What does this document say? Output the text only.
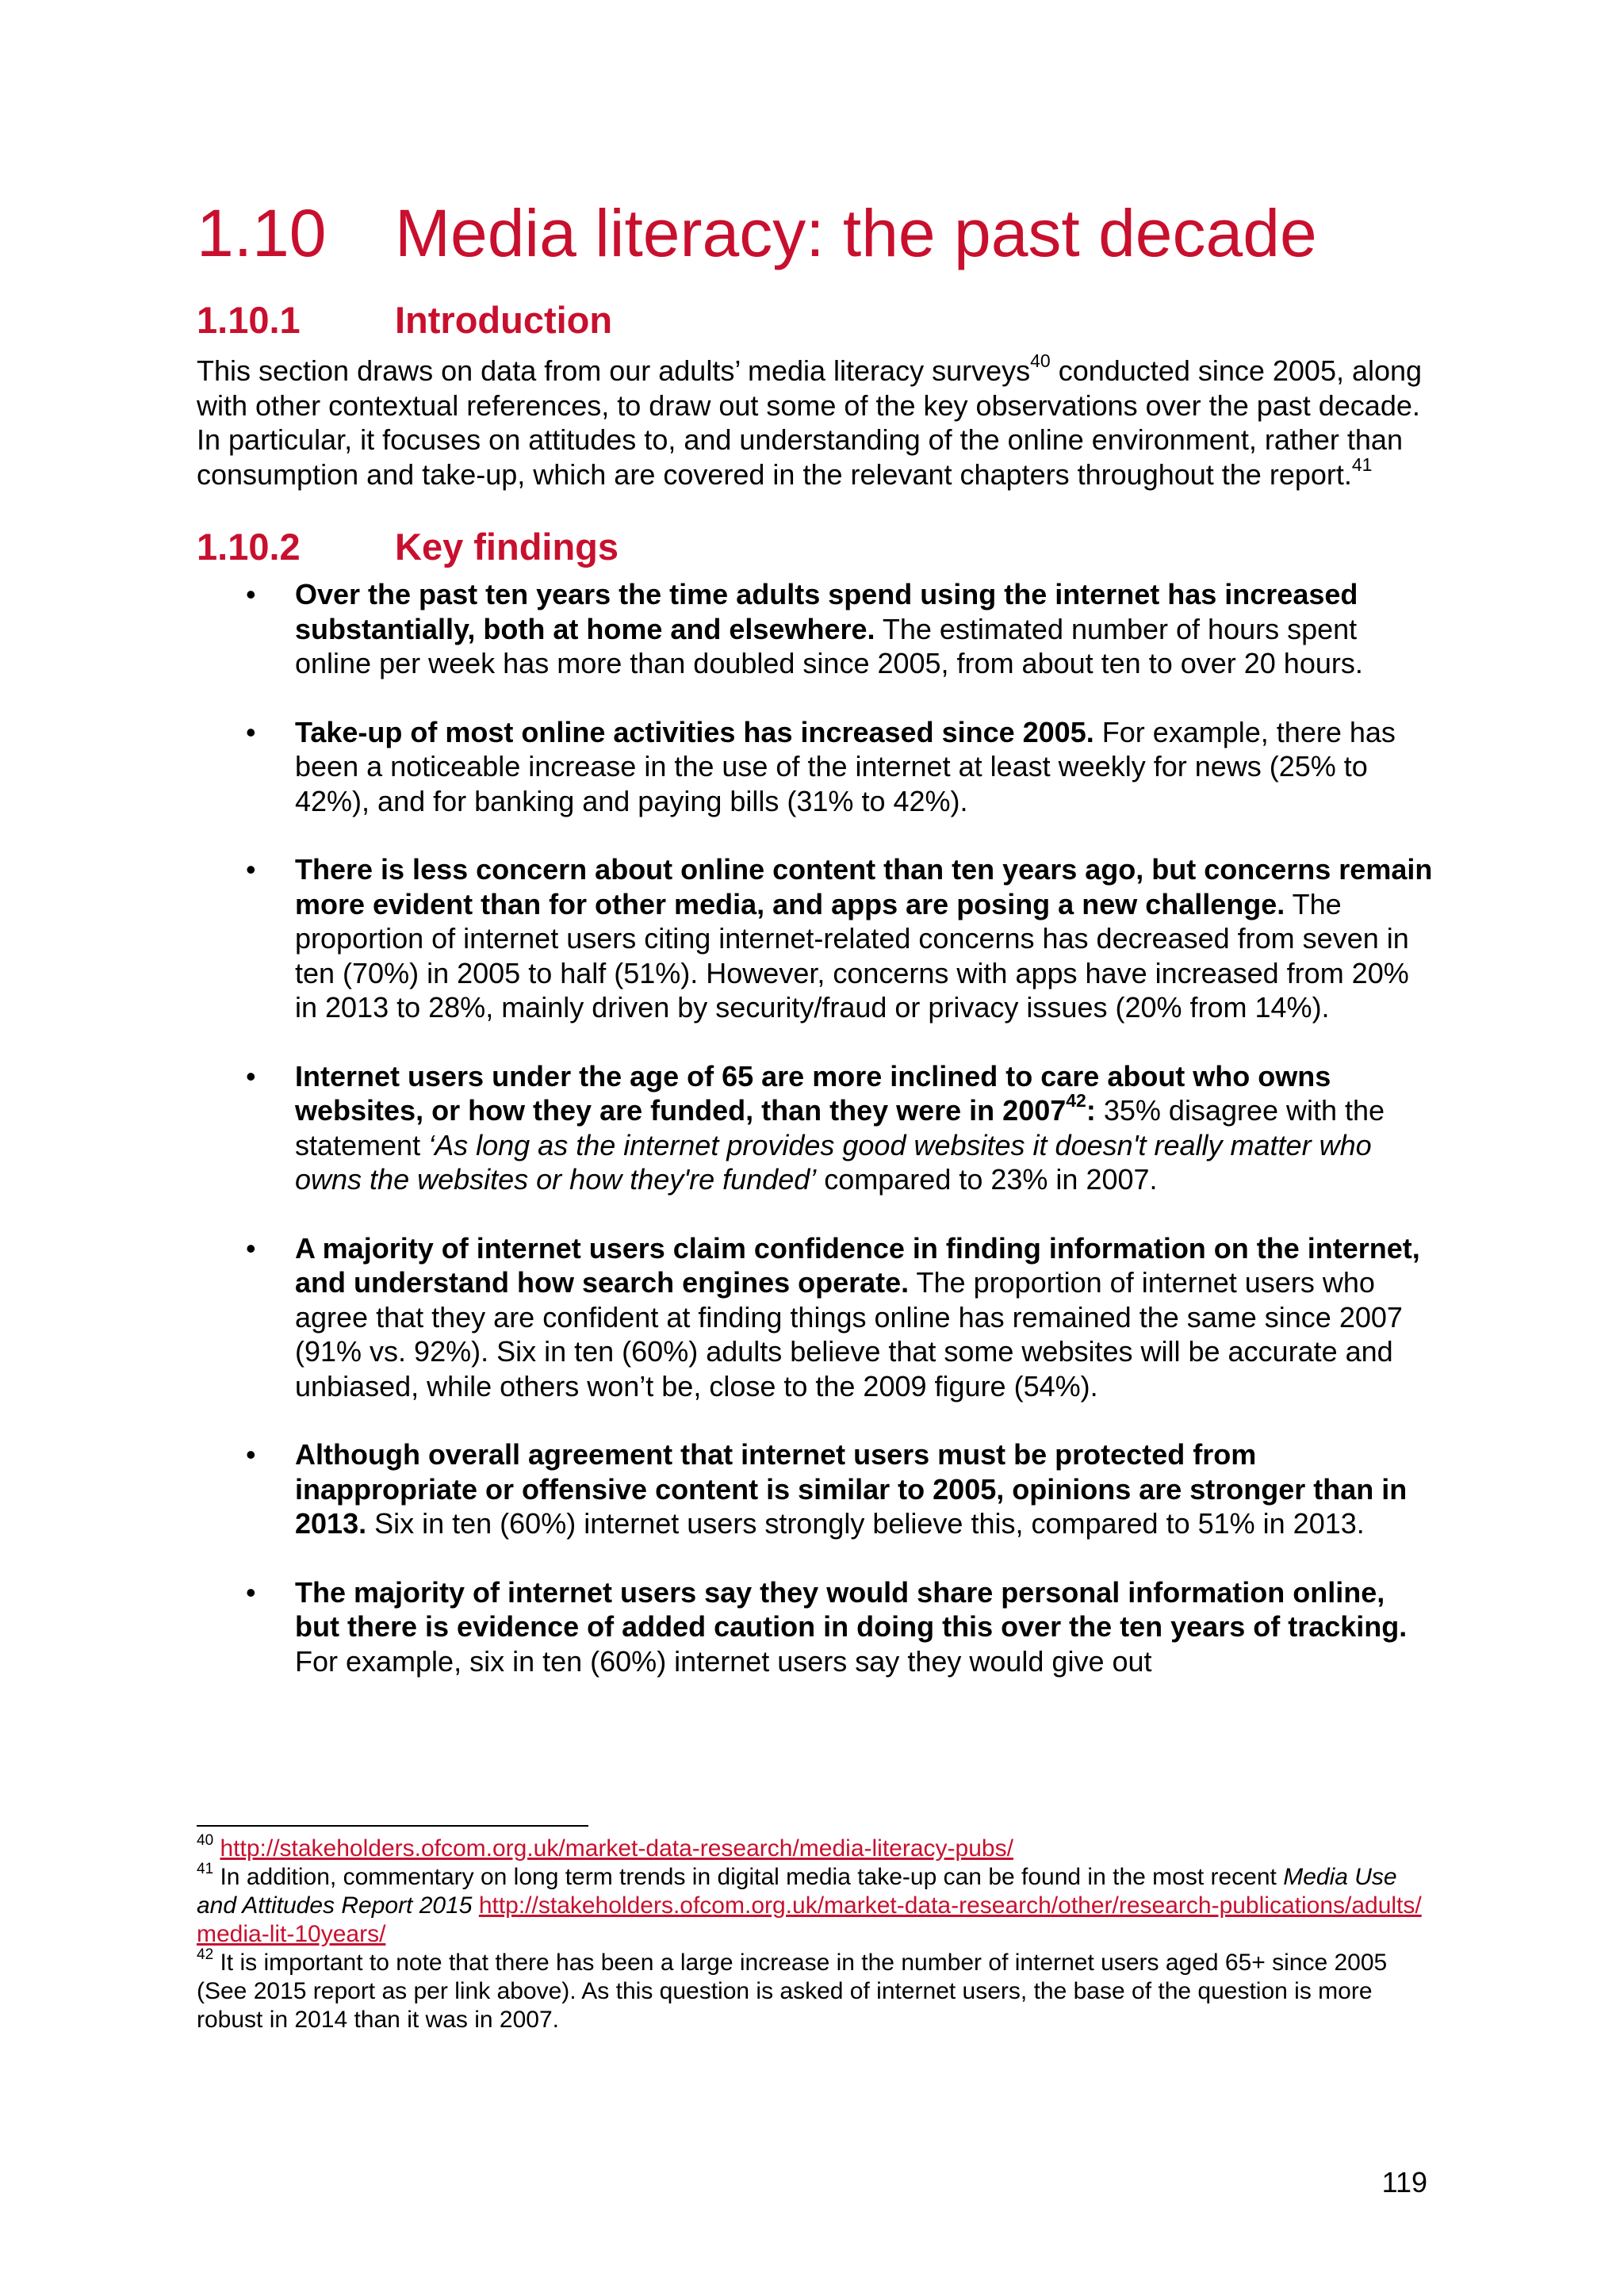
1.10	Media literacy: the past decade
1.10.1	Introduction

This section draws on data from our adults’ media literacy surveys$^{40}$ conducted since 2005, along with other contextual references, to draw out some of the key observations over the past decade. In particular, it focuses on attitudes to, and understanding of the online environment, rather than consumption and take-up, which are covered in the relevant chapters throughout the report.$^{41}$

1.10.2	Key findings
• Over the past ten years the time adults spend using the internet has increased substantially, both at home and elsewhere. The estimated number of hours spent online per week has more than doubled since 2005, from about ten to over 20 hours.
• Take-up of most online activities has increased since 2005. For example, there has been a noticeable increase in the use of the internet at least weekly for news (25% to 42%), and for banking and paying bills (31% to 42%).
• There is less concern about online content than ten years ago, but concerns remain more evident than for other media, and apps are posing a new challenge. The proportion of internet users citing internet-related concerns has decreased from seven in ten (70%) in 2005 to half (51%). However, concerns with apps have increased from 20% in 2013 to 28%, mainly driven by security/fraud or privacy issues (20% from 14%).
• Internet users under the age of 65 are more inclined to care about who owns websites, or how they are funded, than they were in 2007$^{42}$: 35% disagree with the statement ‘As long as the internet provides good websites it doesn't really matter who owns the websites or how they're funded’ compared to 23% in 2007.
• A majority of internet users claim confidence in finding information on the internet, and understand how search engines operate. The proportion of internet users who agree that they are confident at finding things online has remained the same since 2007 (91% vs. 92%). Six in ten (60%) adults believe that some websites will be accurate and unbiased, while others won’t be, close to the 2009 figure (54%).
• Although overall agreement that internet users must be protected from inappropriate or offensive content is similar to 2005, opinions are stronger than in 2013. Six in ten (60%) internet users strongly believe this, compared to 51% in 2013.
• The majority of internet users say they would share personal information online, but there is evidence of added caution in doing this over the ten years of tracking. For example, six in ten (60%) internet users say they would give out

$^{40}$ http://stakeholders.ofcom.org.uk/market-data-research/media-literacy-pubs/

$^{41}$ In addition, commentary on long term trends in digital media take-up can be found in the most recent Media Use and Attitudes Report 2015 http://stakeholders.ofcom.org.uk/market-data-research/other/research-publications/adults/media-lit-10years/

$^{42}$ It is important to note that there has been a large increase in the number of internet users aged 65+ since 2005 (See 2015 report as per link above). As this question is asked of internet users, the base of the question is more robust in 2014 than it was in 2007.

119
